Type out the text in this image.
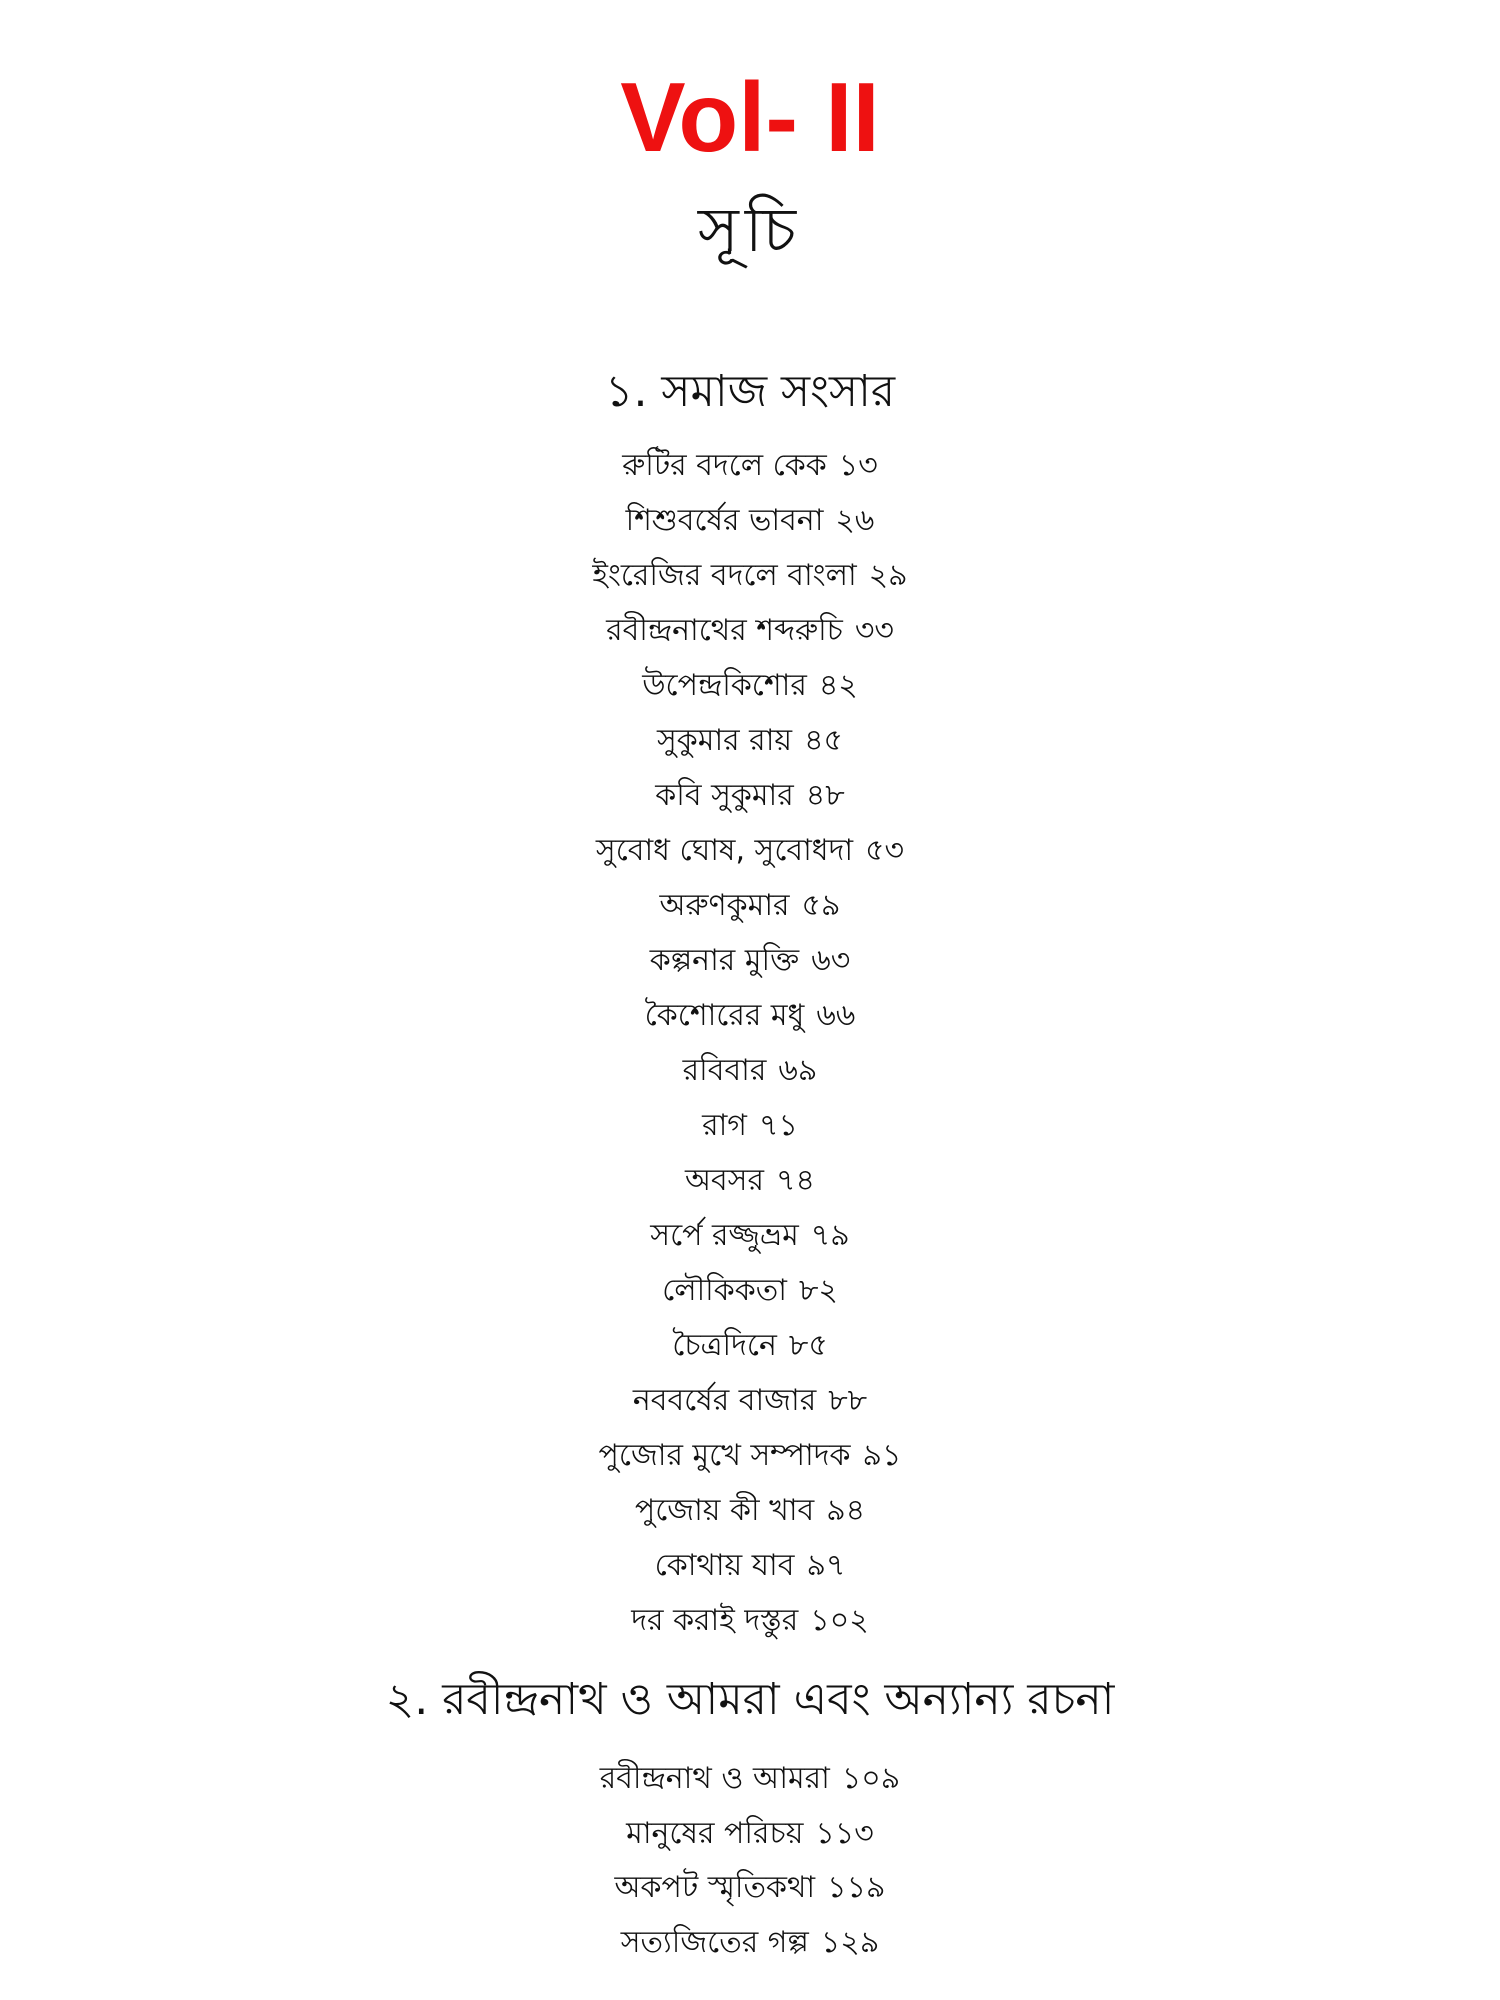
Vol- II
সূচি
১. সমাজ সংসার
রুটির বদলে কেক ১৩
শিশুবর্ষের ভাবনা ২৬
ইংরেজির বদলে বাংলা ২৯
রবীন্দ্রনাথের শব্দরুচি ৩৩
উপেন্দ্রকিশোর ৪২
সুকুমার রায় ৪৫
কবি সুকুমার ৪৮
সুবোধ ঘোষ, সুবোধদা ৫৩
অরুণকুমার ৫৯
কল্পনার মুক্তি ৬৩
কৈশোরের মধু ৬৬
রবিবার ৬৯
রাগ ৭১
অবসর ৭৪
সর্পে রজ্জুভ্রম ৭৯
লৌকিকতা ৮২
চৈত্রদিনে ৮৫
নববর্ষের বাজার ৮৮
পুজোর মুখে সম্পাদক ৯১
পুজোয় কী খাব ৯৪
কোথায় যাব ৯৭
দর করাই দস্তুর ১০২
২. রবীন্দ্রনাথ ও আমরা এবং অন্যান্য রচনা
রবীন্দ্রনাথ ও আমরা ১০৯
মানুষের পরিচয় ১১৩
অকপট স্মৃতিকথা ১১৯
সত্যজিতের গল্প ১২৯
